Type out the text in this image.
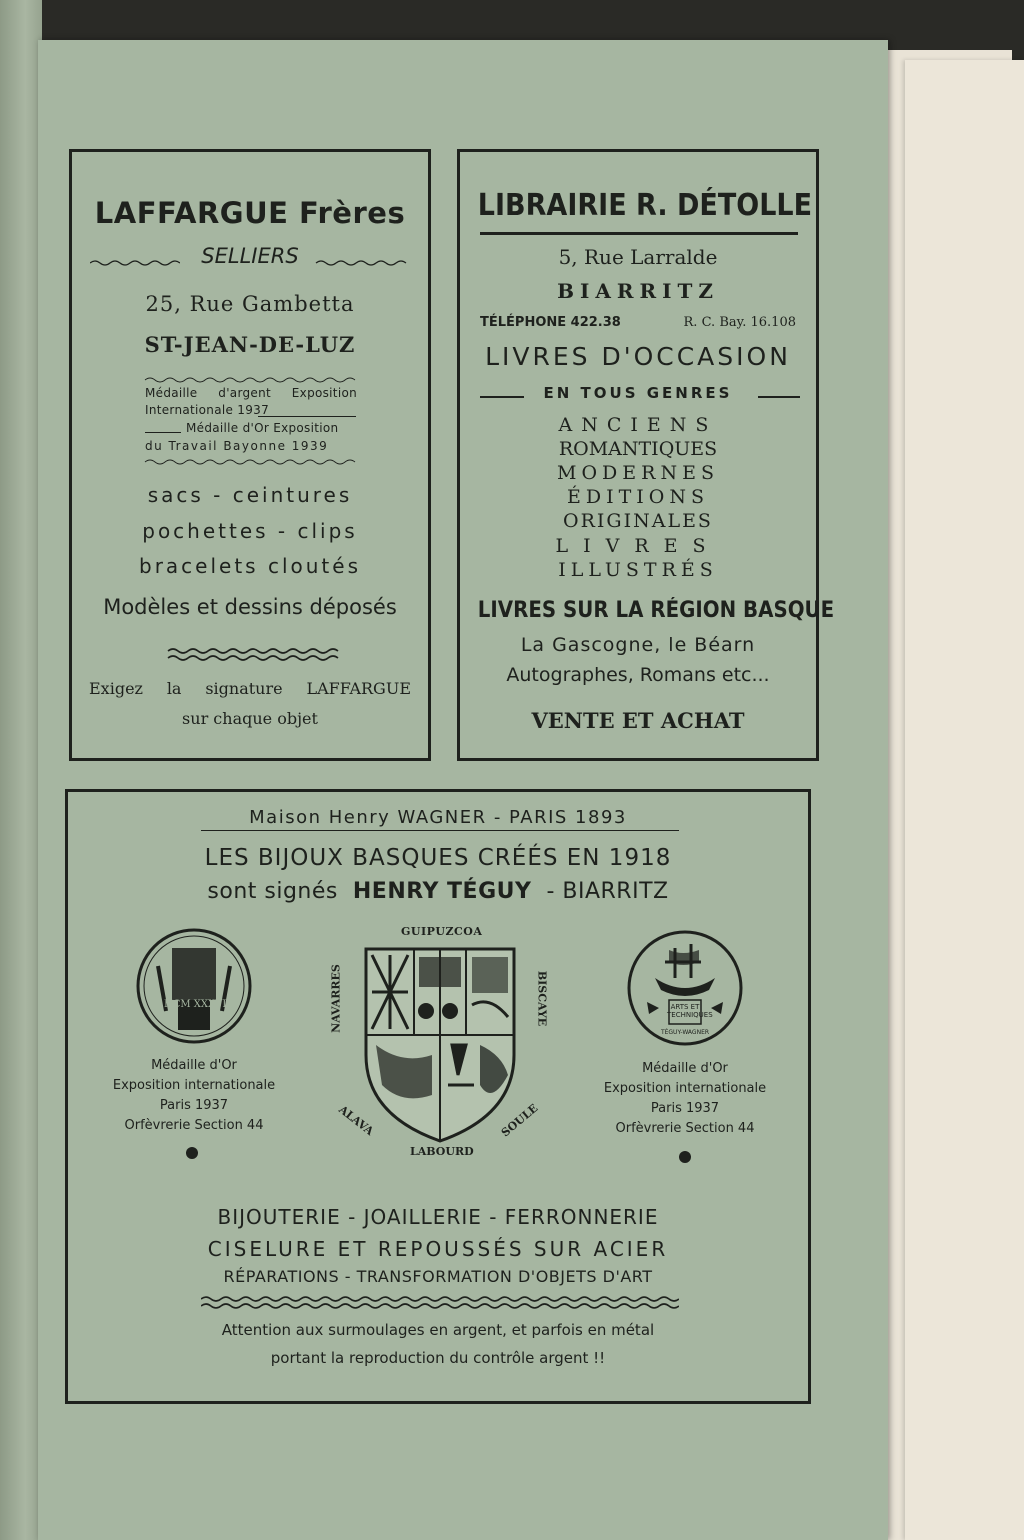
LAFFARGUE Frères
SELLIERS
25, Rue Gambetta
ST-JEAN-DE-LUZ
Médaille d'argent Exposition
Internationale 1937
Médaille d'Or Exposition
du Travail Bayonne 1939
sacs - ceintures
pochettes - clips
bracelets cloutés
Modèles et dessins déposés
Exigez la signature LAFFARGUE
sur chaque objet
LIBRAIRIE R. DÉTOLLE
5, Rue Larralde
BIARRITZ
TÉLÉPHONE 422.38	R. C. Bay. 16.108
LIVRES D'OCCASION
EN TOUS GENRES
ANCIENS
ROMANTIQUES
MODERNES
ÉDITIONS
ORIGINALES
LIVRES
ILLUSTRÉS
LIVRES SUR LA RÉGION BASQUE
La Gascogne, le Béarn
Autographes, Romans etc...
VENTE ET ACHAT
Maison Henry WAGNER - PARIS 1893
LES BIJOUX BASQUES CRÉÉS EN 1918
sont signés HENRY TÉGUY - BIARRITZ
HCM XXXVII
Médaille d'Or
Exposition internationale
Paris 1937
Orfèvrerie Section 44
GUIPUZCOA
NAVARRES	BISCAYE
ALAVA	SOULE
LABOURD
ARTS ET TECHNIQUES
TÉGUY-WAGNER
Médaille d'Or
Exposition internationale
Paris 1937
Orfèvrerie Section 44
BIJOUTERIE - JOAILLERIE - FERRONNERIE
CISELURE ET REPOUSSÉS SUR ACIER
RÉPARATIONS - TRANSFORMATION D'OBJETS D'ART
Attention aux surmoulages en argent, et parfois en métal
portant la reproduction du contrôle argent !!
